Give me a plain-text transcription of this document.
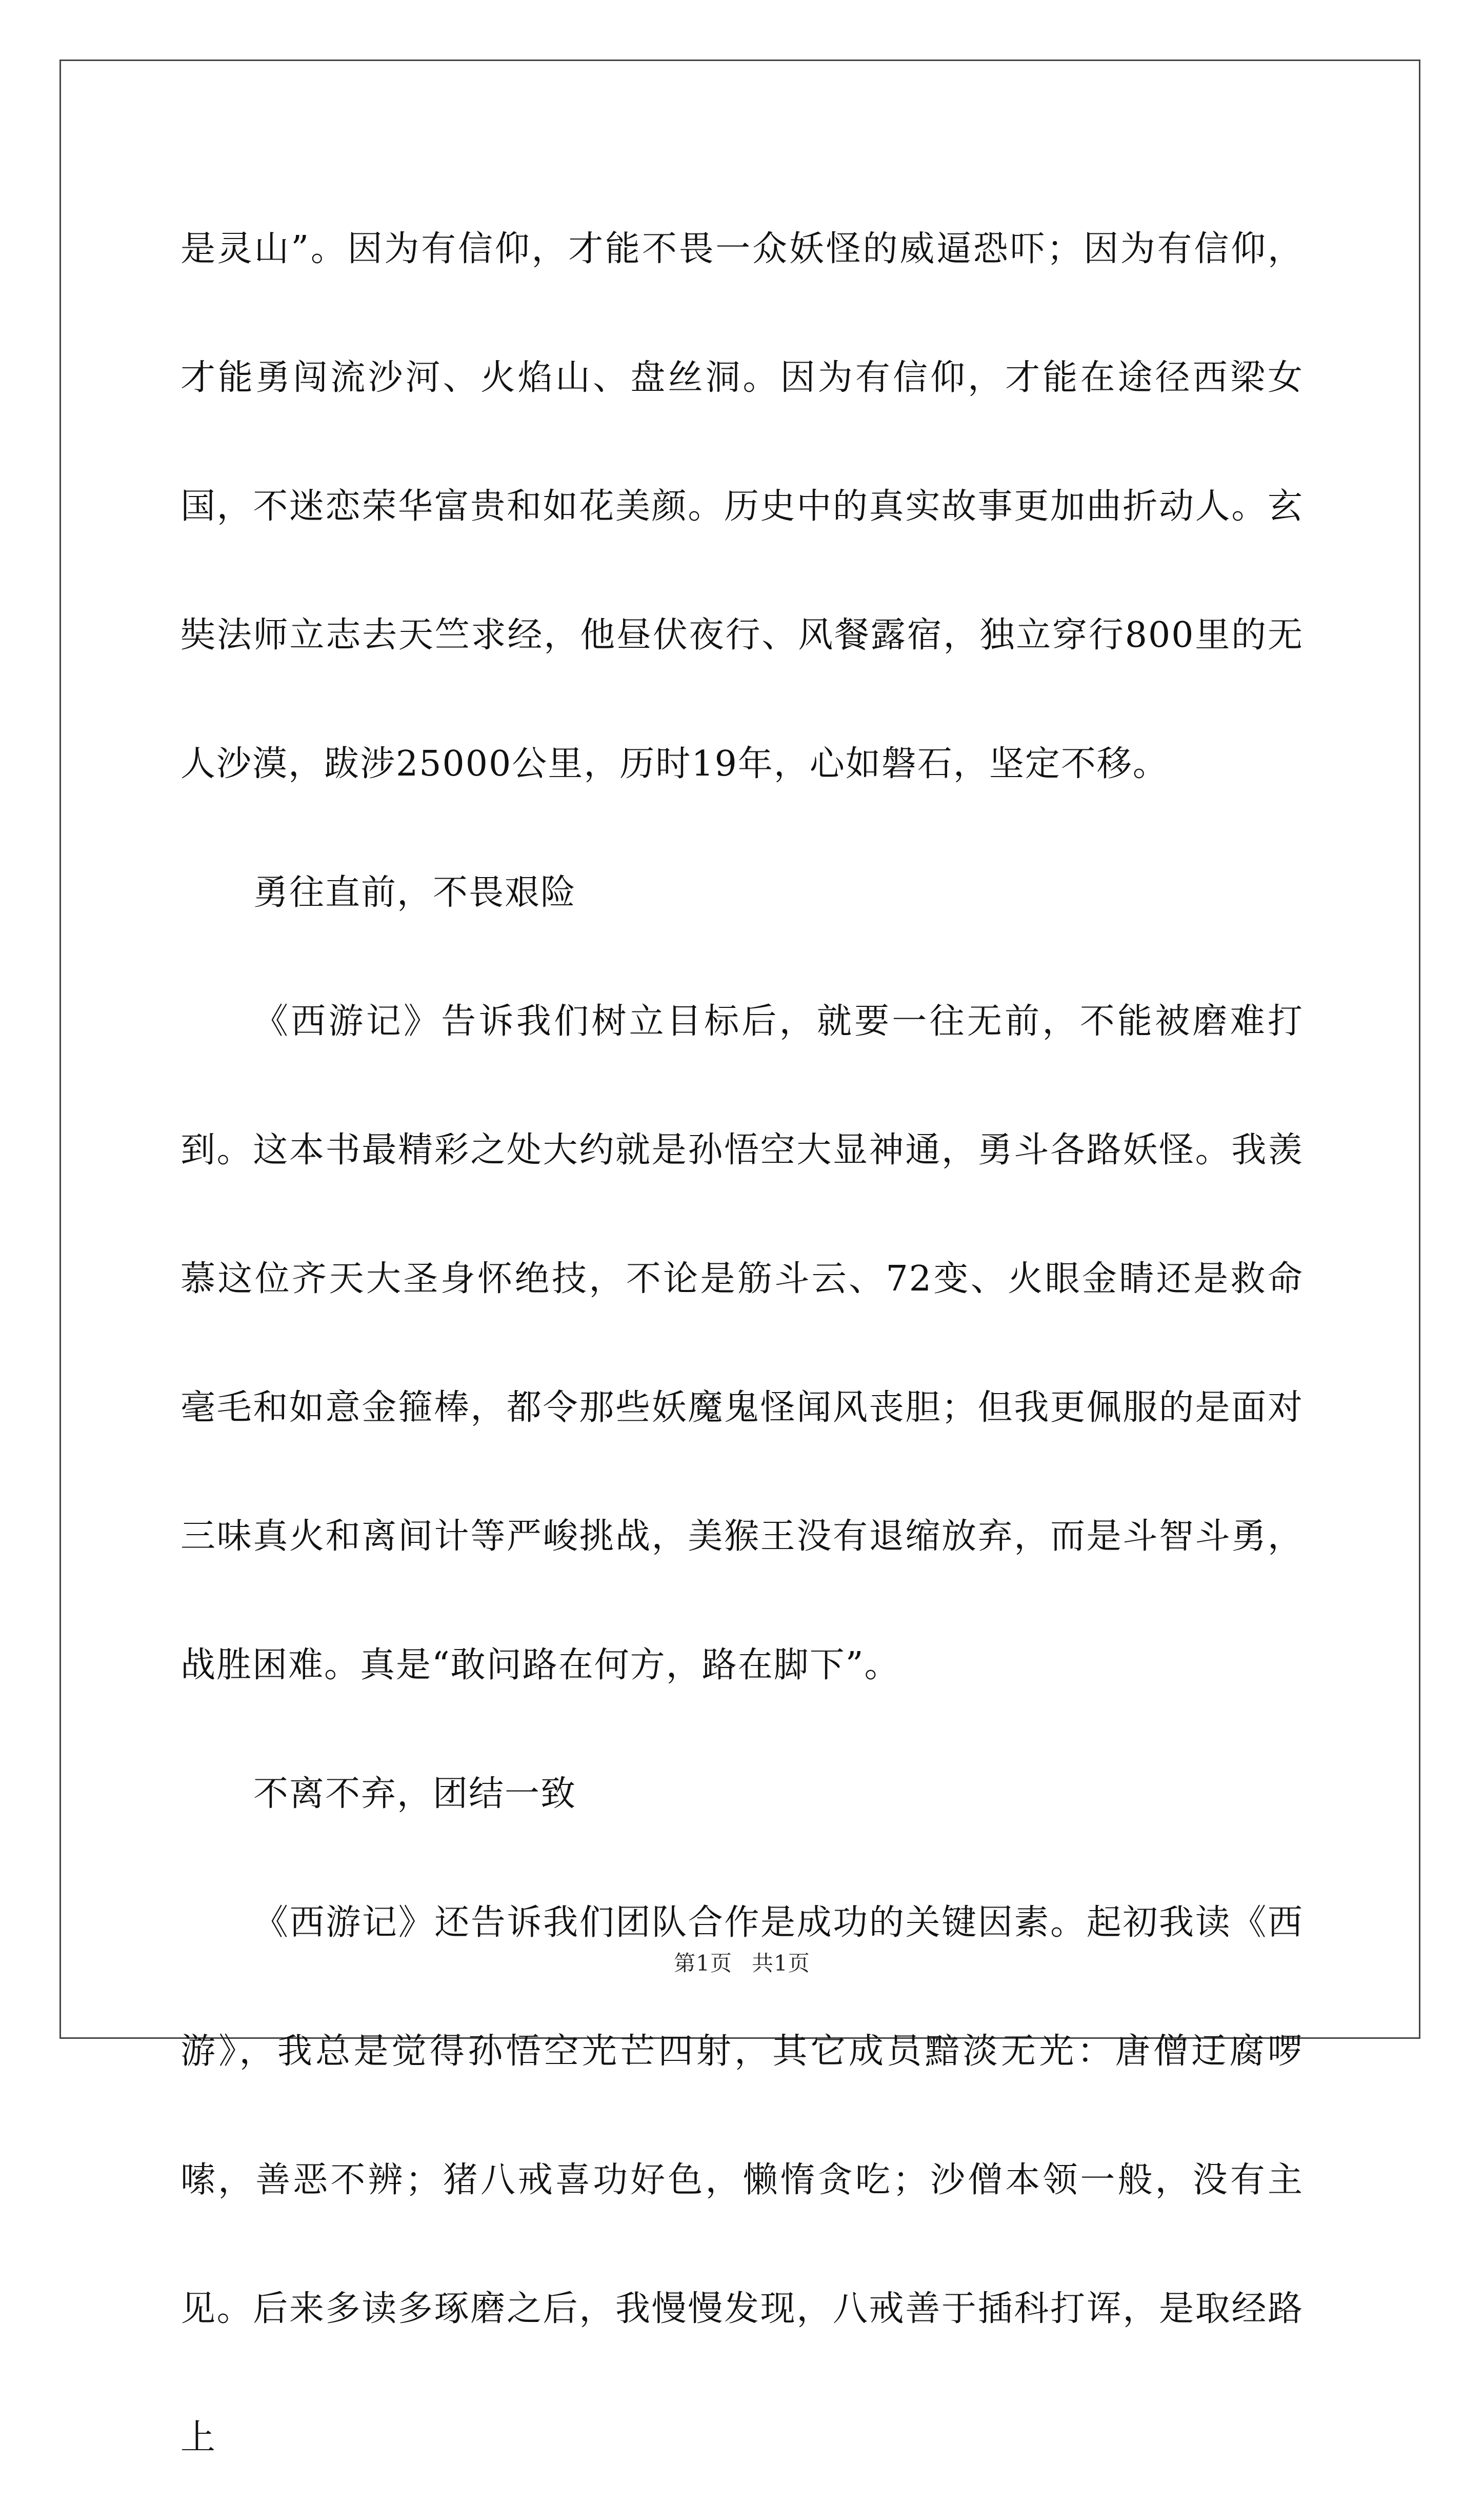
是灵山”。因为有信仰，才能不畏一众妖怪的威逼恐吓；因为有信仰，才能勇闯流沙河、火焰山、盘丝洞。因为有信仰，才能在途径西梁女国，不迷恋荣华富贵和如花美颜。历史中的真实故事更加曲折动人。玄奘法师立志去天竺求经，他昼伏夜行、风餐露宿，独立穿行800里的无人沙漠，跋涉25000公里，历时19年，心如磐石，坚定不移。

勇往直前，不畏艰险

《西游记》告诉我们树立目标后，就要一往无前，不能被磨难打到。这本书最精彩之处大约就是孙悟空大显神通，勇斗各路妖怪。我羡慕这位齐天大圣身怀绝技，不论是筋斗云、72变、火眼金睛还是救命毫毛和如意金箍棒，都令那些妖魔鬼怪闻风丧胆；但我更佩服的是面对三味真火和离间计等严峻挑战，美猴王没有退缩放弃，而是斗智斗勇，战胜困难。真是“敢问路在何方，路在脚下”。

不离不弃，团结一致

《西游记》还告诉我们团队合作是成功的关键因素。起初我读《西游》，我总是觉得孙悟空光芒四射，其它成员黯淡无光：唐僧迂腐啰嗦，善恶不辨；猪八戒喜功好色，懒惰贪吃；沙僧本领一般，没有主见。后来多读多琢磨之后，我慢慢发现，八戒善于插科打诨，是取经路上

第1页 共1页
